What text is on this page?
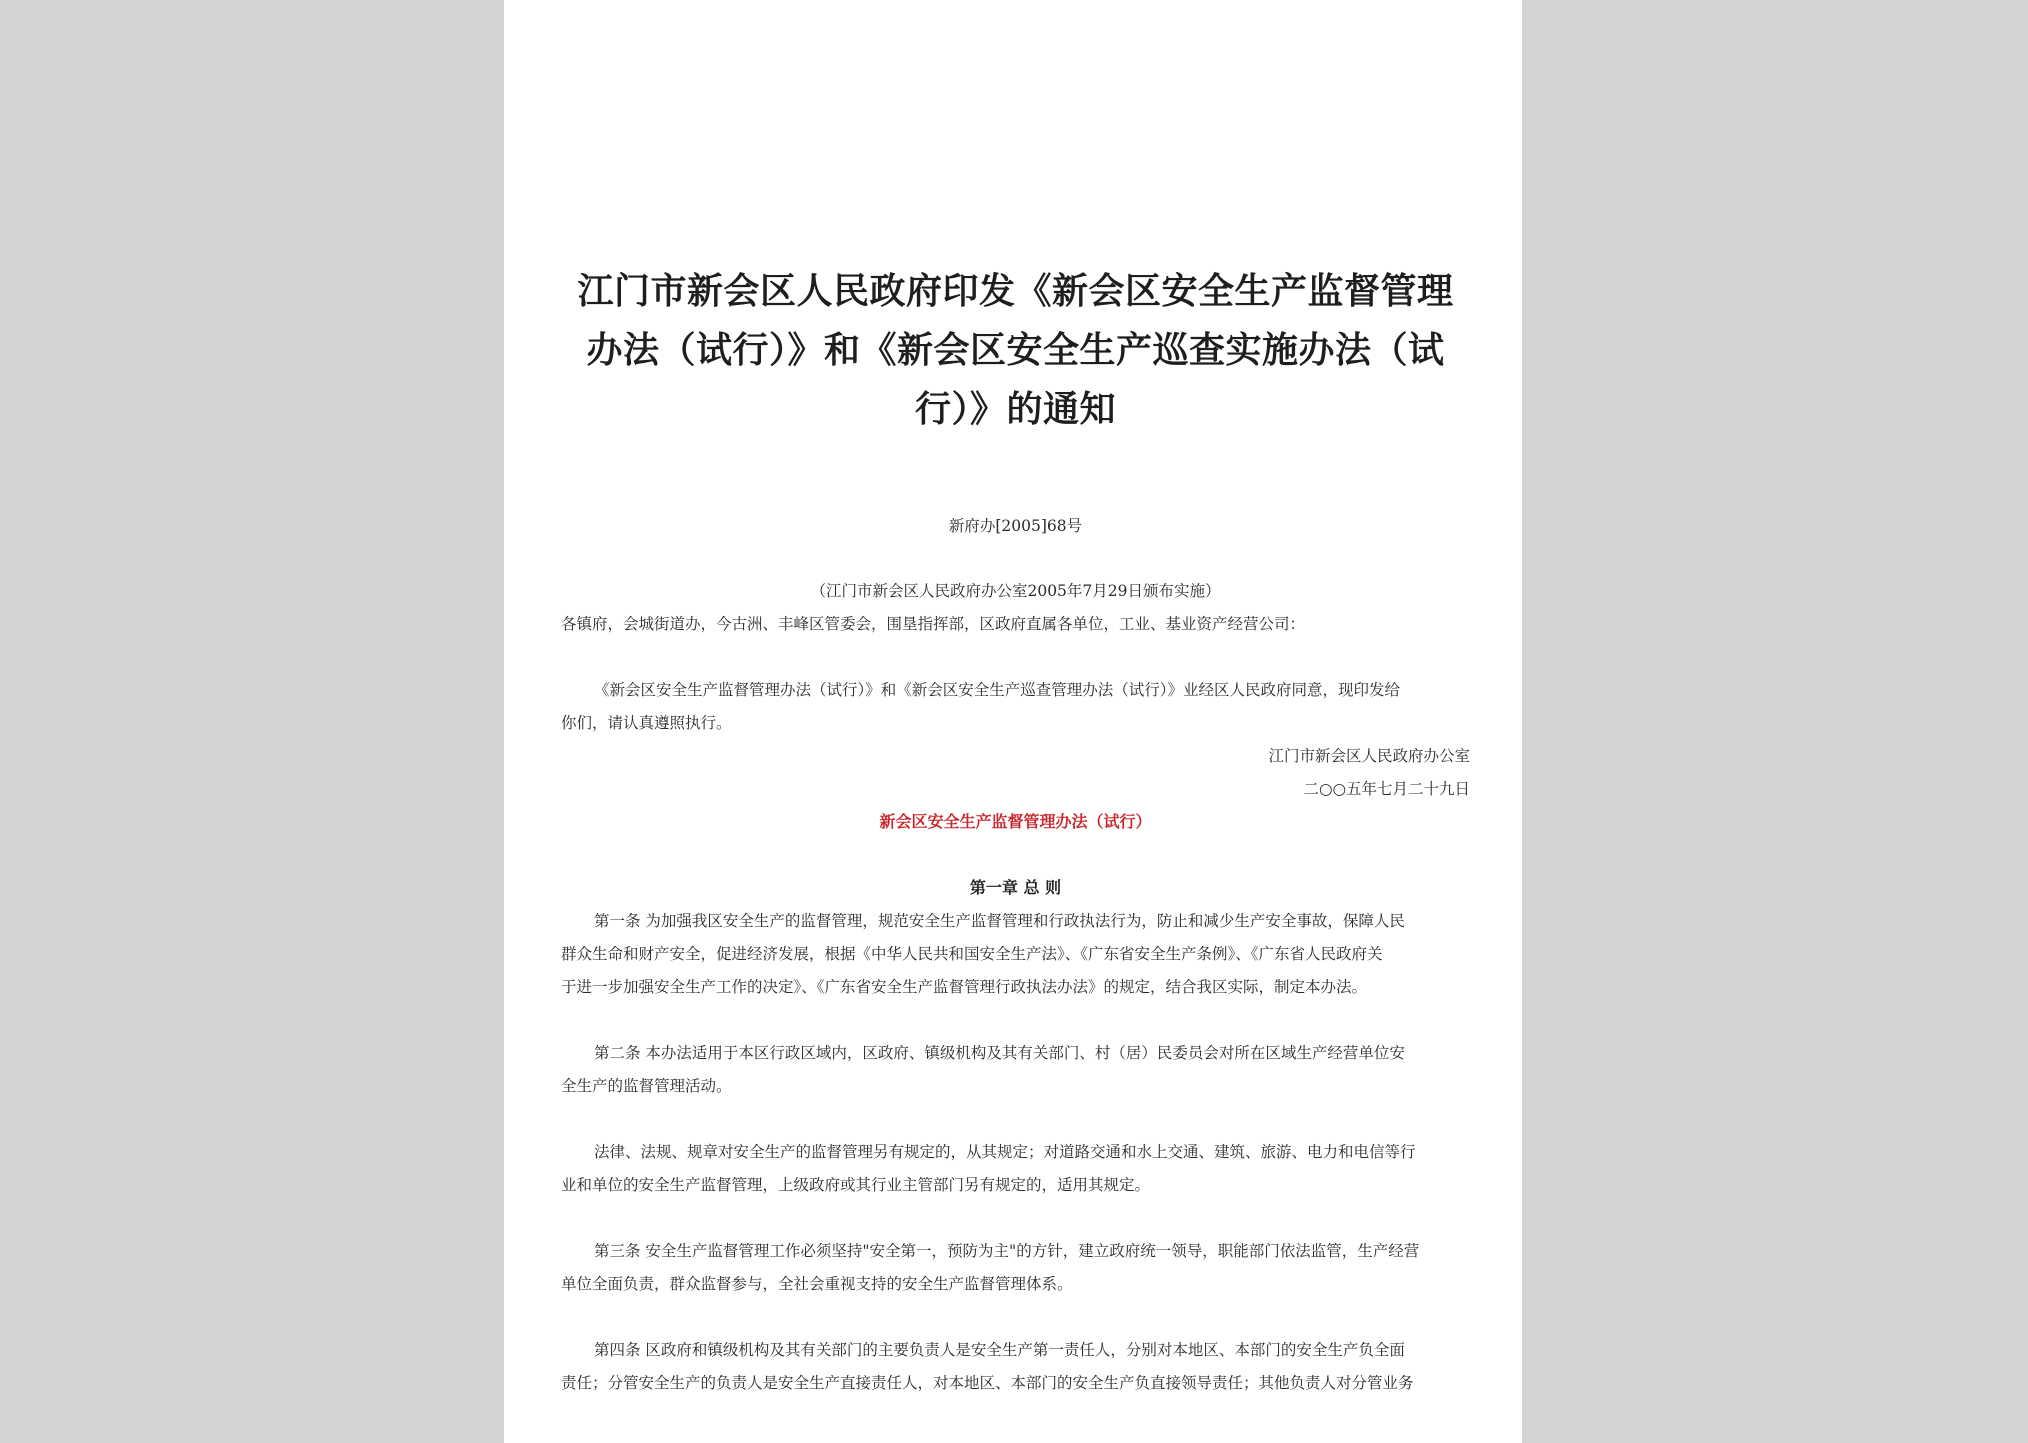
江门市新会区人民政府印发《新会区安全生产监督管理
办法（试行）》和《新会区安全生产巡查实施办法（试
行）》的通知
新府办[2005]68号
（江门市新会区人民政府办公室2005年7月29日颁布实施）
各镇府，会城街道办，今古洲、丰峰区管委会，围垦指挥部，区政府直属各单位，工业、基业资产经营公司：
《新会区安全生产监督管理办法（试行）》和《新会区安全生产巡查管理办法（试行）》业经区人民政府同意，现印发给
你们，请认真遵照执行。
江门市新会区人民政府办公室
二○○五年七月二十九日
新会区安全生产监督管理办法（试行）
第一章 总 则
第一条 为加强我区安全生产的监督管理，规范安全生产监督管理和行政执法行为，防止和减少生产安全事故，保障人民
群众生命和财产安全，促进经济发展，根据《中华人民共和国安全生产法》、《广东省安全生产条例》、《广东省人民政府关
于进一步加强安全生产工作的决定》、《广东省安全生产监督管理行政执法办法》的规定，结合我区实际，制定本办法。
第二条 本办法适用于本区行政区域内，区政府、镇级机构及其有关部门、村（居）民委员会对所在区域生产经营单位安
全生产的监督管理活动。
法律、法规、规章对安全生产的监督管理另有规定的，从其规定；对道路交通和水上交通、建筑、旅游、电力和电信等行
业和单位的安全生产监督管理，上级政府或其行业主管部门另有规定的，适用其规定。
第三条 安全生产监督管理工作必须坚持"安全第一，预防为主"的方针，建立政府统一领导，职能部门依法监管，生产经营
单位全面负责，群众监督参与，全社会重视支持的安全生产监督管理体系。
第四条 区政府和镇级机构及其有关部门的主要负责人是安全生产第一责任人，分别对本地区、本部门的安全生产负全面
责任；分管安全生产的负责人是安全生产直接责任人，对本地区、本部门的安全生产负直接领导责任；其他负责人对分管业务
